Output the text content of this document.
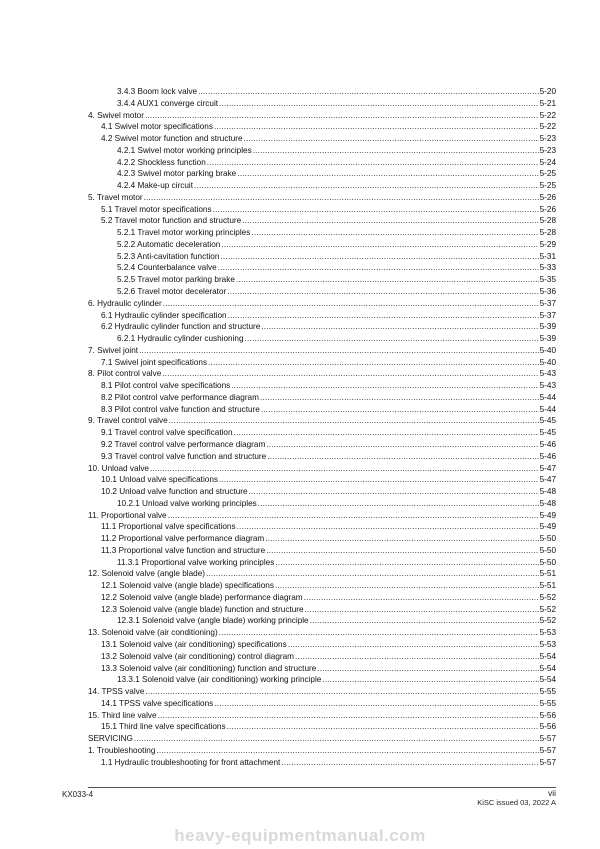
3.4.3 Boom lock valve .....	5-20
3.4.4 AUX1 converge circuit .....	5-21
4. Swivel motor .....	5-22
4.1 Swivel motor specifications .....	5-22
4.2 Swivel motor function and structure .....	5-23
4.2.1 Swivel motor working principles .....	5-23
4.2.2 Shockless function .....	5-24
4.2.3 Swivel motor parking brake .....	5-25
4.2.4 Make-up circuit .....	5-25
5. Travel motor .....	5-26
5.1 Travel motor specifications .....	5-26
5.2 Travel motor function and structure .....	5-28
5.2.1 Travel motor working principles .....	5-28
5.2.2 Automatic deceleration .....	5-29
5.2.3 Anti-cavitation function .....	5-31
5.2.4 Counterbalance valve .....	5-33
5.2.5 Travel motor parking brake .....	5-35
5.2.6 Travel motor decelerator .....	5-36
6. Hydraulic cylinder .....	5-37
6.1 Hydraulic cylinder specification .....	5-37
6.2 Hydraulic cylinder function and structure .....	5-39
6.2.1 Hydraulic cylinder cushioning .....	5-39
7. Swivel joint .....	5-40
7.1 Swivel joint specifications .....	5-40
8. Pilot control valve .....	5-43
8.1 Pilot control valve specifications .....	5-43
8.2 Pilot control valve performance diagram .....	5-44
8.3 Pilot control valve function and structure .....	5-44
9. Travel control valve .....	5-45
9.1 Travel control valve specification .....	5-45
9.2 Travel control valve performance diagram .....	5-46
9.3 Travel control valve function and structure .....	5-46
10. Unload valve .....	5-47
10.1 Unload valve specifications .....	5-47
10.2 Unload valve function and structure .....	5-48
10.2.1 Unload valve working principles .....	5-48
11. Proportional valve .....	5-49
11.1 Proportional valve specifications .....	5-49
11.2 Proportional valve performance diagram .....	5-50
11.3 Proportional valve function and structure .....	5-50
11.3.1 Proportional valve working principles .....	5-50
12. Solenoid valve (angle blade) .....	5-51
12.1 Solenoid valve (angle blade) specifications .....	5-51
12.2 Solenoid valve (angle blade) performance diagram .....	5-52
12.3 Solenoid valve (angle blade) function and structure .....	5-52
12.3.1 Solenoid valve (angle blade) working principle .....	5-52
13. Solenoid valve (air conditioning) .....	5-53
13.1 Solenoid valve (air conditioning) specifications .....	5-53
13.2 Solenoid valve (air conditioning) control diagram .....	5-54
13.3 Solenoid valve (air conditioning) function and structure .....	5-54
13.3.1 Solenoid valve (air conditioning) working principle .....	5-54
14. TPSS valve .....	5-55
14.1 TPSS valve specifications .....	5-55
15. Third line valve .....	5-56
15.1 Third line valve specifications .....	5-56
SERVICING .....	5-57
1. Troubleshooting .....	5-57
1.1 Hydraulic troubleshooting for front attachment .....	5-57
KX033-4	vii
KiSC issued 03, 2022 A
heavy-equipmentmanual.com
